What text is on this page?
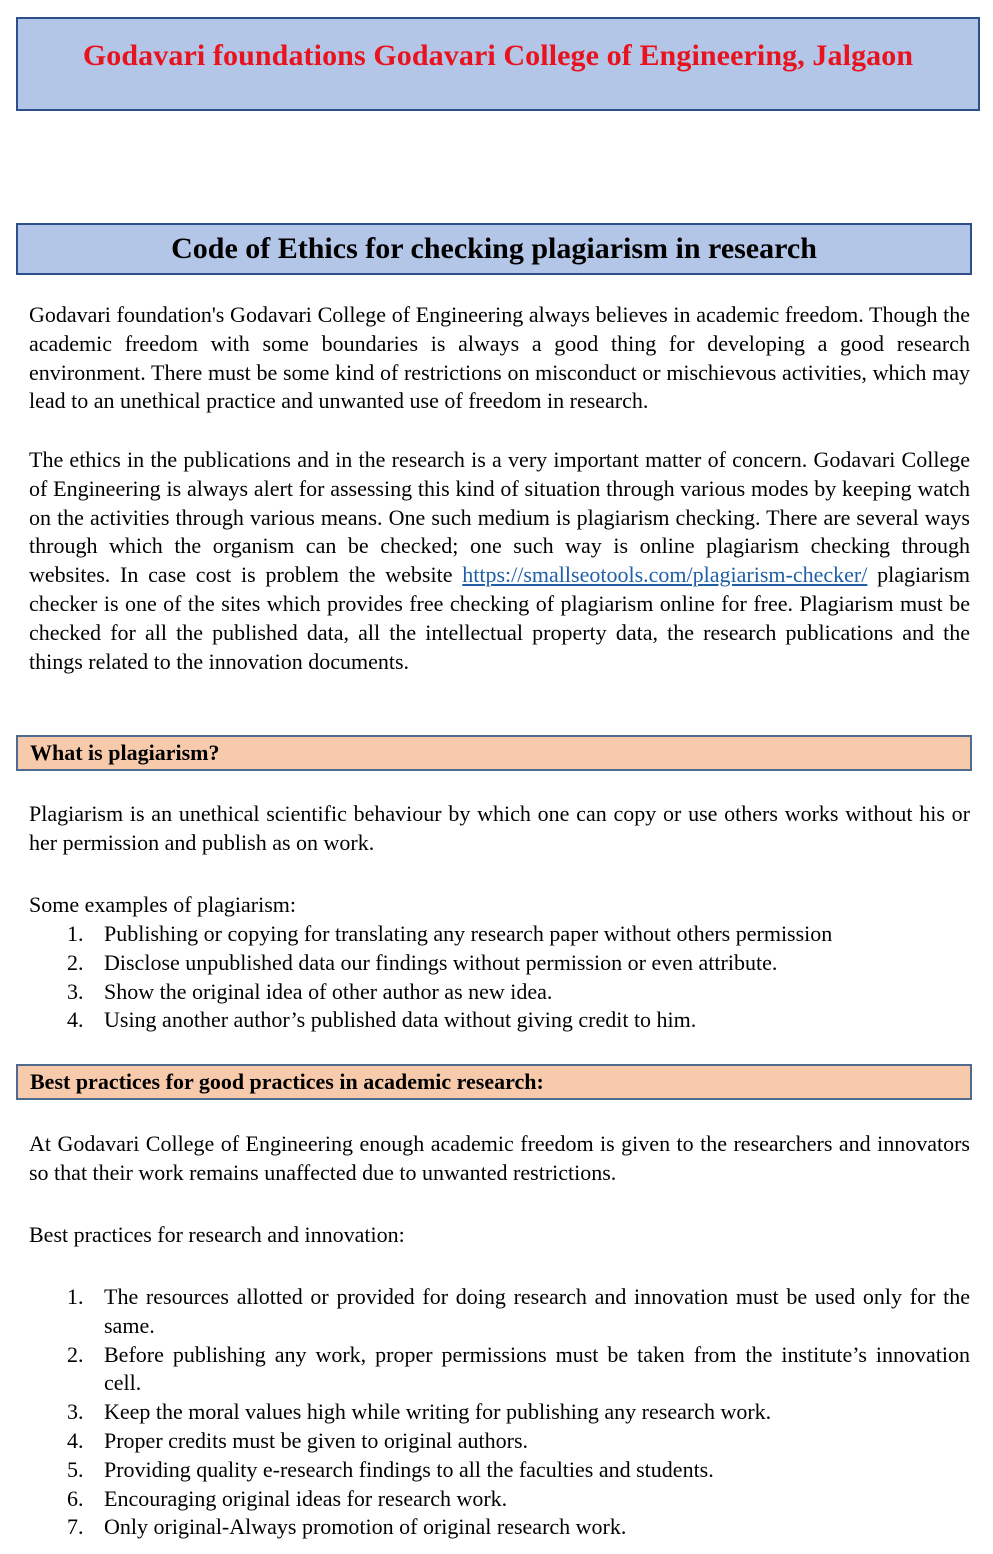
Godavari foundations Godavari College of Engineering, Jalgaon
Code of Ethics for checking plagiarism in research

Godavari foundation's Godavari College of Engineering always believes in academic freedom. Though the academic freedom with some boundaries is always a good thing for developing a good research environment. There must be some kind of restrictions on misconduct or mischievous activities, which may lead to an unethical practice and unwanted use of freedom in research.

The ethics in the publications and in the research is a very important matter of concern. Godavari College of Engineering is always alert for assessing this kind of situation through various modes by keeping watch on the activities through various means. One such medium is plagiarism checking. There are several ways through which the organism can be checked; one such way is online plagiarism checking through websites. In case cost is problem the website https://smallseotools.com/plagiarism-checker/ plagiarism checker is one of the sites which provides free checking of plagiarism online for free. Plagiarism must be checked for all the published data, all the intellectual property data, the research publications and the things related to the innovation documents.

What is plagiarism?

Plagiarism is an unethical scientific behaviour by which one can copy or use others works without his or her permission and publish as on work.

Some examples of plagiarism:

1. Publishing or copying for translating any research paper without others permission
2. Disclose unpublished data our findings without permission or even attribute.
3. Show the original idea of other author as new idea.
4. Using another author’s published data without giving credit to him.
Best practices for good practices in academic research:

At Godavari College of Engineering enough academic freedom is given to the researchers and innovators so that their work remains unaffected due to unwanted restrictions.

Best practices for research and innovation:

1. The resources allotted or provided for doing research and innovation must be used only for the same.
2. Before publishing any work, proper permissions must be taken from the institute’s innovation cell.
3. Keep the moral values high while writing for publishing any research work.
4. Proper credits must be given to original authors.
5. Providing quality e-research findings to all the faculties and students.
6. Encouraging original ideas for research work.
7. Only original-Always promotion of original research work.
